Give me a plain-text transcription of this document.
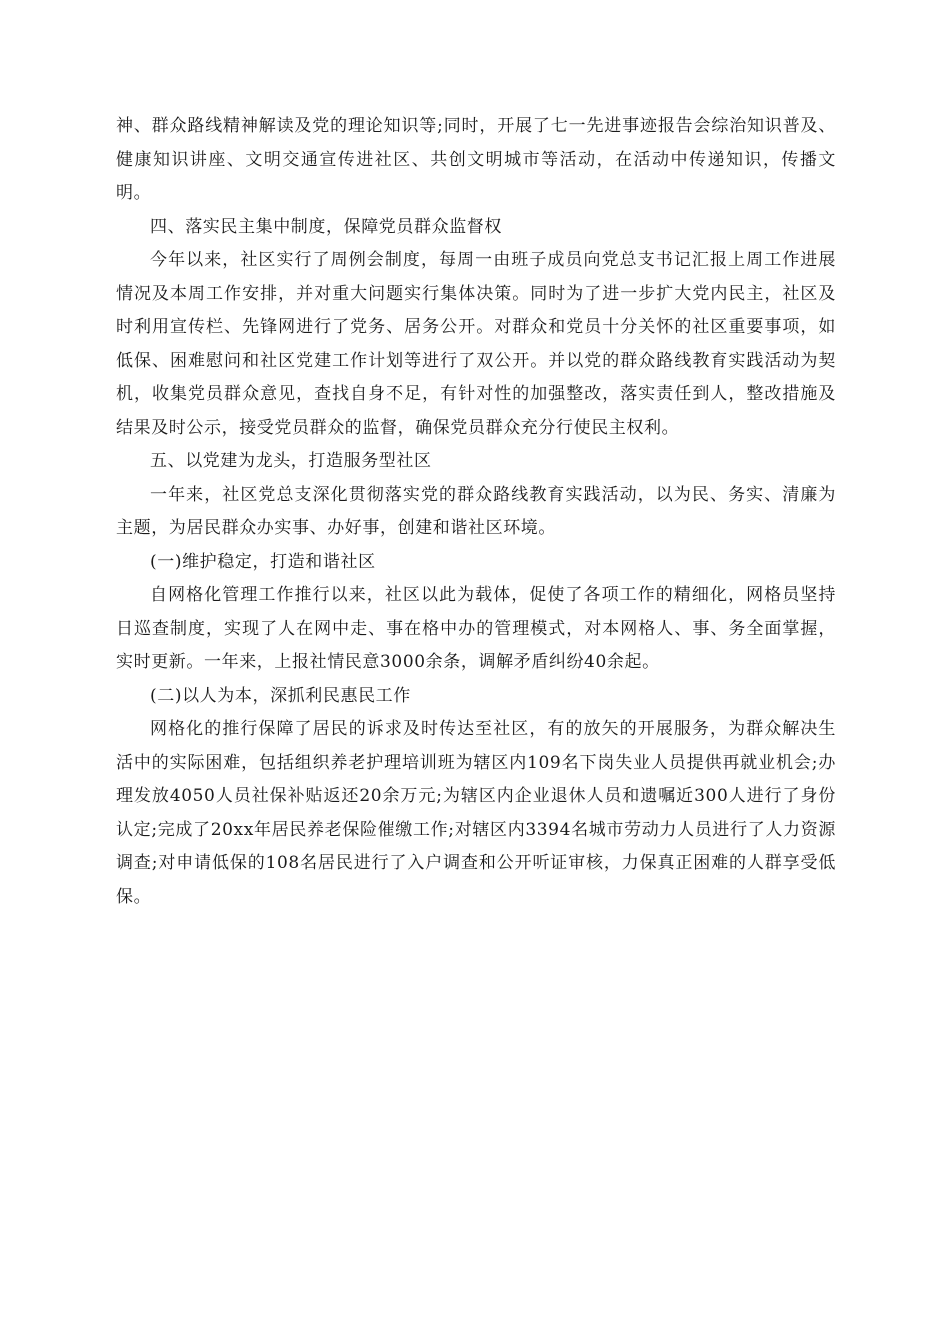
神、群众路线精神解读及党的理论知识等;同时，开展了七一先进事迹报告会综治知识普及、健康知识讲座、文明交通宣传进社区、共创文明城市等活动，在活动中传递知识，传播文明。

四、落实民主集中制度，保障党员群众监督权

今年以来，社区实行了周例会制度，每周一由班子成员向党总支书记汇报上周工作进展情况及本周工作安排，并对重大问题实行集体决策。同时为了进一步扩大党内民主，社区及时利用宣传栏、先锋网进行了党务、居务公开。对群众和党员十分关怀的社区重要事项，如低保、困难慰问和社区党建工作计划等进行了双公开。并以党的群众路线教育实践活动为契机，收集党员群众意见，查找自身不足，有针对性的加强整改，落实责任到人，整改措施及结果及时公示，接受党员群众的监督，确保党员群众充分行使民主权利。

五、以党建为龙头，打造服务型社区

一年来，社区党总支深化贯彻落实党的群众路线教育实践活动，以为民、务实、清廉为主题，为居民群众办实事、办好事，创建和谐社区环境。

(一)维护稳定，打造和谐社区

自网格化管理工作推行以来，社区以此为载体，促使了各项工作的精细化，网格员坚持日巡查制度，实现了人在网中走、事在格中办的管理模式，对本网格人、事、务全面掌握，实时更新。一年来，上报社情民意3000余条，调解矛盾纠纷40余起。

(二)以人为本，深抓利民惠民工作

网格化的推行保障了居民的诉求及时传达至社区，有的放矢的开展服务，为群众解决生活中的实际困难，包括组织养老护理培训班为辖区内109名下岗失业人员提供再就业机会;办理发放4050人员社保补贴返还20余万元;为辖区内企业退休人员和遗嘱近300人进行了身份认定;完成了20xx年居民养老保险催缴工作;对辖区内3394名城市劳动力人员进行了人力资源调查;对申请低保的108名居民进行了入户调查和公开听证审核，力保真正困难的人群享受低保。
